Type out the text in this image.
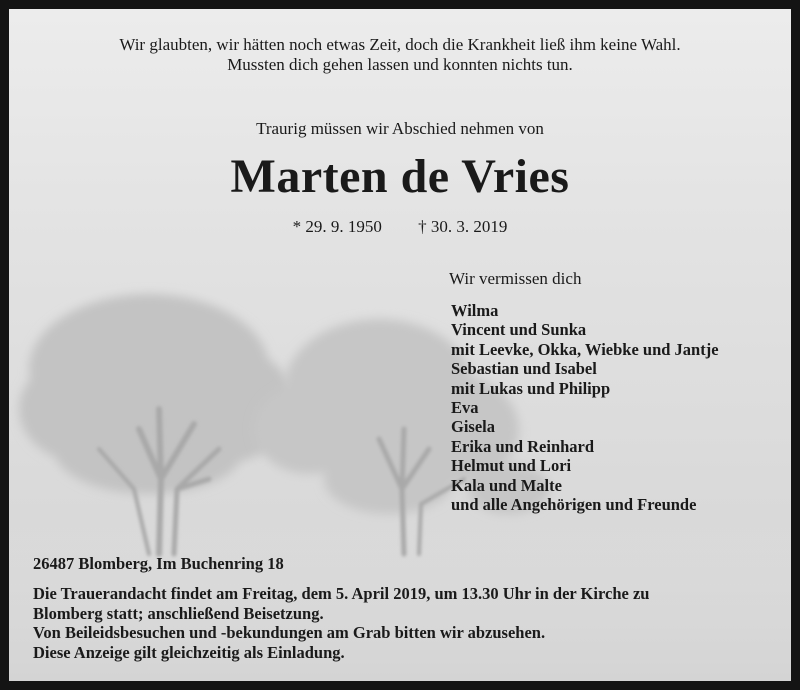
Wir glaubten, wir hätten noch etwas Zeit, doch die Krankheit ließ ihm keine Wahl.
Mussten dich gehen lassen und konnten nichts tun.
Traurig müssen wir Abschied nehmen von
Marten de Vries
* 29. 9. 1950 † 30. 3. 2019
Wir vermissen dich
Wilma
Vincent und Sunka
mit Leevke, Okka, Wiebke und Jantje
Sebastian und Isabel
mit Lukas und Philipp
Eva
Gisela
Erika und Reinhard
Helmut und Lori
Kala und Malte
und alle Angehörigen und Freunde
26487 Blomberg, Im Buchenring 18
Die Trauerandacht findet am Freitag, dem 5. April 2019, um 13.30 Uhr in der Kirche zu
Blomberg statt; anschließend Beisetzung.
Von Beileidsbesuchen und -bekundungen am Grab bitten wir abzusehen.
Diese Anzeige gilt gleichzeitig als Einladung.
